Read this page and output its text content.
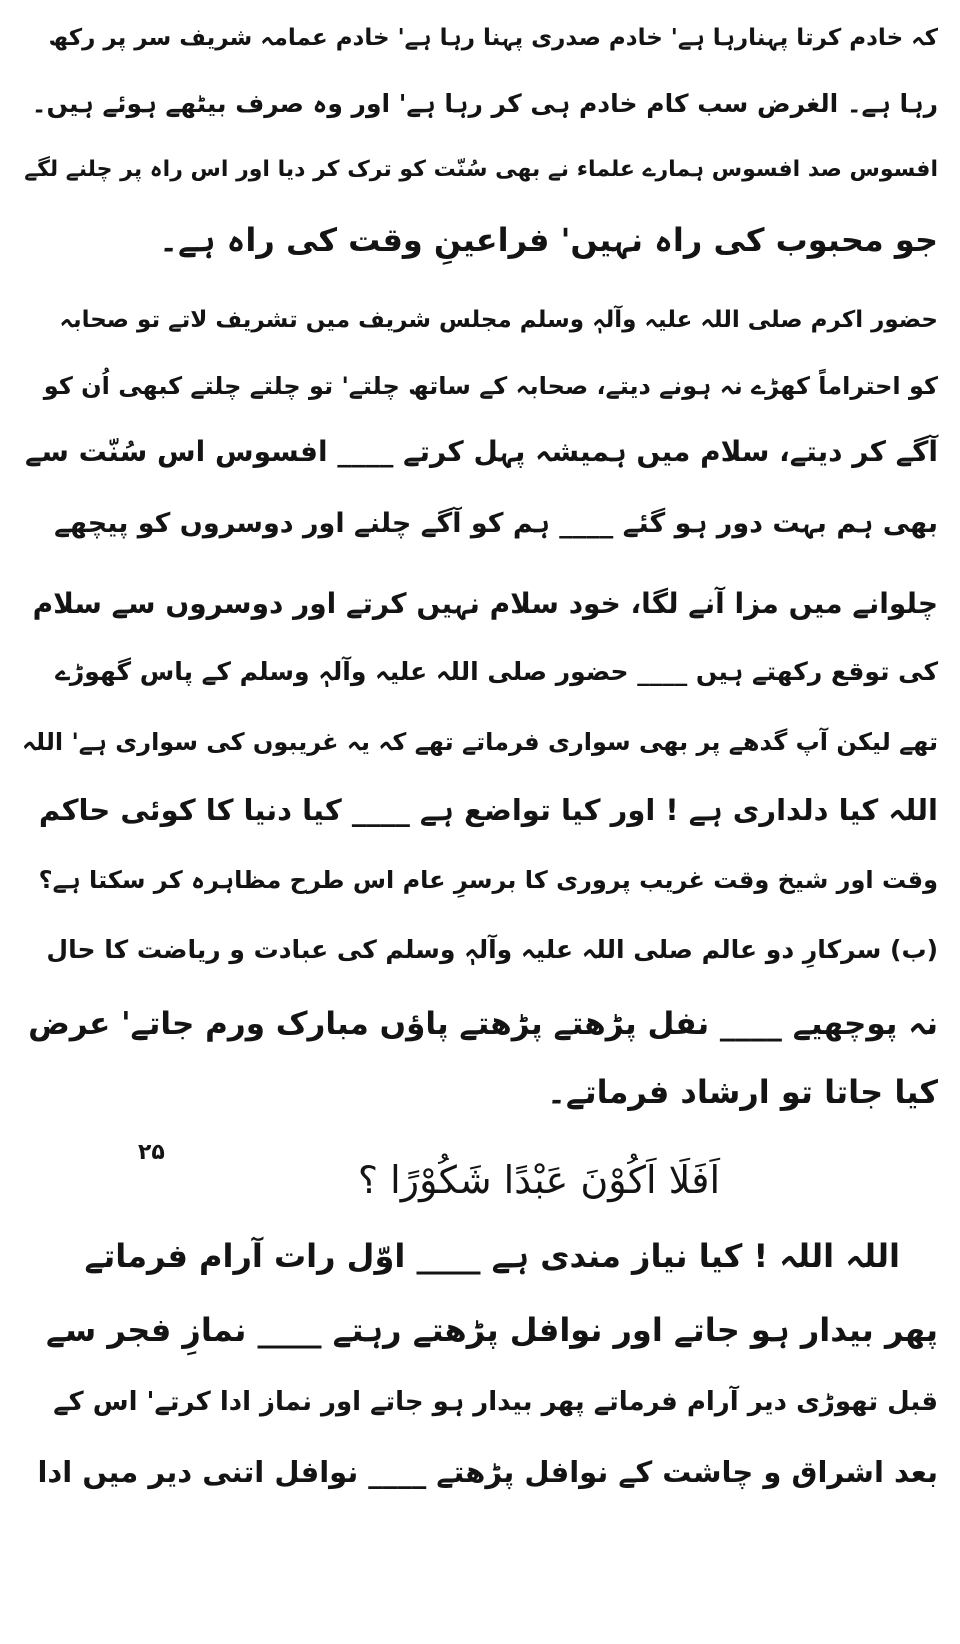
کہ خادم کرتا پہنارہا ہے' خادم صدری پہنا رہا ہے' خادم عمامہ شریف سر پر رکھ
رہا ہے۔ الغرض سب کام خادم ہی کر رہا ہے' اور وہ صرف بیٹھے ہوئے ہیں۔
افسوس صد افسوس ہمارے علماء نے بھی سُنّت کو ترک کر دیا اور اس راہ پر چلنے لگے
جو محبوب کی راہ نہیں' فراعینِ وقت کی راہ ہے۔
حضور اکرم صلی اللہ علیہ وآلہٖ وسلم مجلس شریف میں تشریف لاتے تو صحابہ
کو احتراماً کھڑے نہ ہونے دیتے، صحابہ کے ساتھ چلتے' تو چلتے چلتے کبھی اُن کو
آگے کر دیتے، سلام میں ہمیشہ پہل کرتے ____ افسوس اس سُنّت سے
بھی ہم بہت دور ہو گئے ____ ہم کو آگے چلنے اور دوسروں کو پیچھے
چلوانے میں مزا آنے لگا، خود سلام نہیں کرتے اور دوسروں سے سلام
کی توقع رکھتے ہیں ____ حضور صلی اللہ علیہ وآلہٖ وسلم کے پاس گھوڑے
تھے لیکن آپ گدھے پر بھی سواری فرماتے تھے کہ یہ غریبوں کی سواری ہے' اللہ
اللہ کیا دلداری ہے ! اور کیا تواضع ہے ____ کیا دنیا کا کوئی حاکم
وقت اور شیخ وقت غریب پروری کا برسرِ عام اس طرح مظاہرہ کر سکتا ہے؟
(ب) سرکارِ دو عالم صلی اللہ علیہ وآلہٖ وسلم کی عبادت و ریاضت کا حال
نہ پوچھیے ____ نفل پڑھتے پڑھتے پاؤں مبارک ورم جاتے' عرض
کیا جاتا تو ارشاد فرماتے۔
اَفَلَا اَکُوْنَ عَبْدًا شَکُوْرًا ؟
۲۵
اللہ اللہ ! کیا نیاز مندی ہے ____ اوّل رات آرام فرماتے
پھر بیدار ہو جاتے اور نوافل پڑھتے رہتے ____ نمازِ فجر سے
قبل تھوڑی دیر آرام فرماتے پھر بیدار ہو جاتے اور نماز ادا کرتے' اس کے
بعد اشراق و چاشت کے نوافل پڑھتے ____ نوافل اتنی دیر میں ادا
